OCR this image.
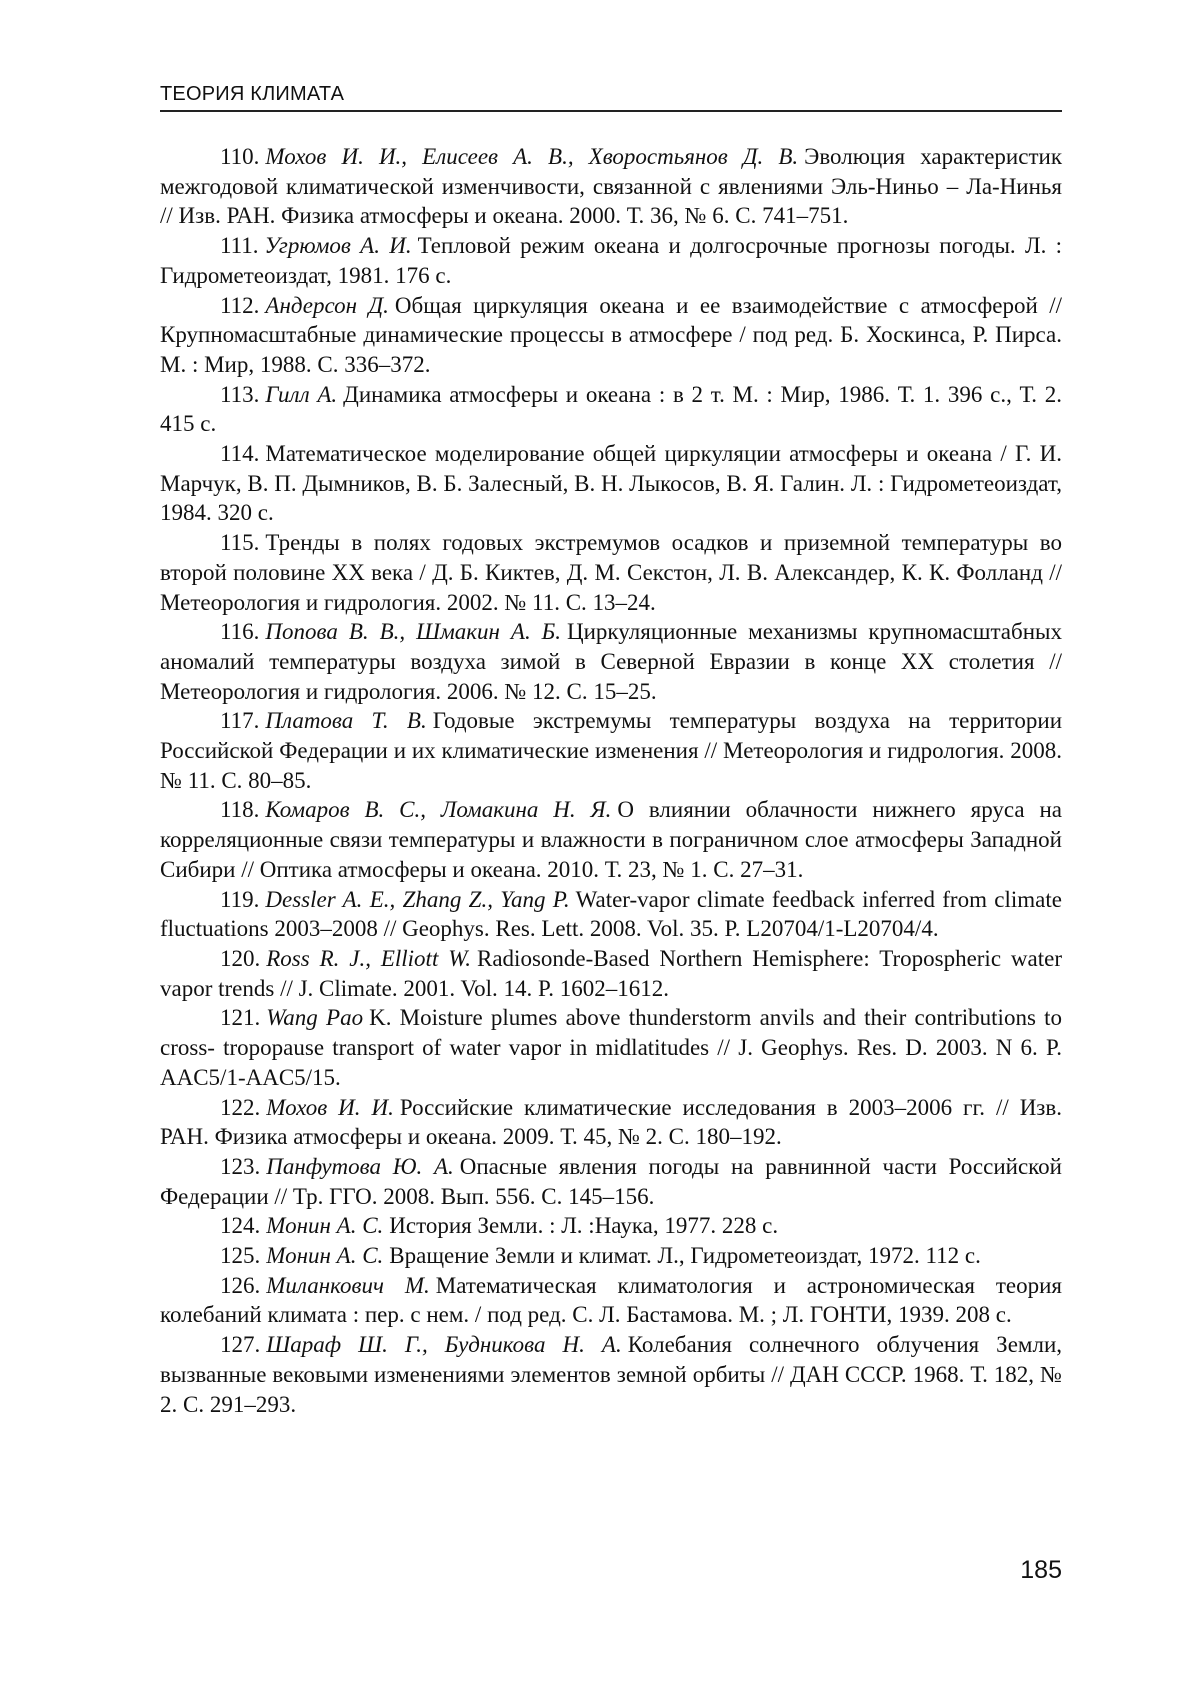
ТЕОРИЯ КЛИМАТА

110. Мохов И. И., Елисеев А. В., Хворостьянов Д. В. Эволюция характеристик межгодовой климатической изменчивости, связанной с явлениями Эль-Ниньо – Ла-Нинья // Изв. РАН. Физика атмосферы и океана. 2000. Т. 36, № 6. С. 741–751.

111. Угрюмов А. И. Тепловой режим океана и долгосрочные прогнозы погоды. Л. : Гидрометеоиздат, 1981. 176 с.

112. Андерсон Д. Общая циркуляция океана и ее взаимодействие с атмосферой // Крупномасштабные динамические процессы в атмосфере / под ред. Б. Хоскинса, Р. Пирса. М. : Мир, 1988. С. 336–372.

113. Гилл А. Динамика атмосферы и океана : в 2 т. М. : Мир, 1986. Т. 1. 396 с., Т. 2. 415 с.

114. Математическое моделирование общей циркуляции атмосферы и океана / Г. И. Марчук, В. П. Дымников, В. Б. Залесный, В. Н. Лыкосов, В. Я. Галин. Л. : Гидрометеоиздат, 1984. 320 с.

115. Тренды в полях годовых экстремумов осадков и приземной температуры во второй половине XX века / Д. Б. Киктев, Д. М. Секстон, Л. В. Александер, К. К. Фолланд // Метеорология и гидрология. 2002. № 11. С. 13–24.

116. Попова В. В., Шмакин А. Б. Циркуляционные механизмы крупномасштабных аномалий температуры воздуха зимой в Северной Евразии в конце XX столетия // Метеорология и гидрология. 2006. № 12. С. 15–25.

117. Платова Т. В. Годовые экстремумы температуры воздуха на территории Российской Федерации и их климатические изменения // Метеорология и гидрология. 2008. № 11. С. 80–85.

118. Комаров В. С., Ломакина Н. Я. О влиянии облачности нижнего яруса на корреляционные связи температуры и влажности в пограничном слое атмосферы Западной Сибири // Оптика атмосферы и океана. 2010. Т. 23, № 1. С. 27–31.

119. Dessler A. E., Zhang Z., Yang P. Water-vapor climate feedback inferred from climate fluctuations 2003–2008 // Geophys. Res. Lett. 2008. Vol. 35. P. L20704/1-L20704/4.

120. Ross R. J., Elliott W. Radiosonde-Based Northern Hemisphere: Tropospheric water vapor trends // J. Climate. 2001. Vol. 14. P. 1602–1612.

121. Wang Pao K. Moisture plumes above thunderstorm anvils and their contributions to cross- tropopause transport of water vapor in midlatitudes // J. Geophys. Res. D. 2003. N 6. P. AAC5/1-AAC5/15.

122. Мохов И. И. Российские климатические исследования в 2003–2006 гг. // Изв. РАН. Физика атмосферы и океана. 2009. Т. 45, № 2. С. 180–192.

123. Панфутова Ю. А. Опасные явления погоды на равнинной части Российской Федерации // Тр. ГГО. 2008. Вып. 556. С. 145–156.

124. Монин А. С. История Земли. : Л. :Наука, 1977. 228 с.

125. Монин А. С. Вращение Земли и климат. Л., Гидрометеоиздат, 1972. 112 с.

126. Миланкович М. Математическая климатология и астрономическая теория колебаний климата : пер. с нем. / под ред. С. Л. Бастамова. М. ; Л. ГОНТИ, 1939. 208 с.

127. Шараф Ш. Г., Будникова Н. А. Колебания солнечного облучения Земли, вызванные вековыми изменениями элементов земной орбиты // ДАН СССР. 1968. Т. 182, № 2. С. 291–293.

185
